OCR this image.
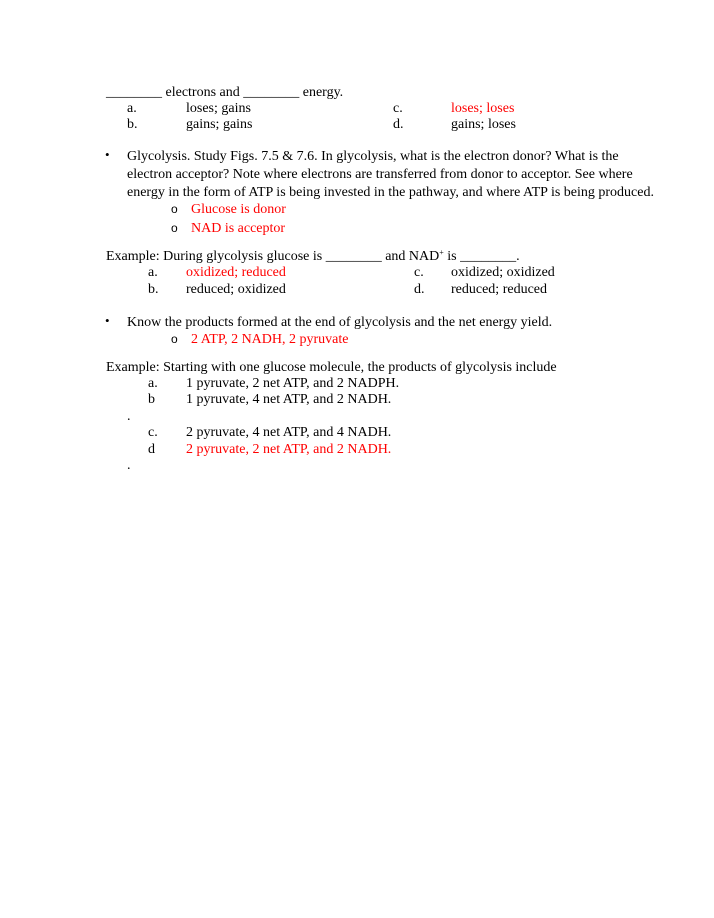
________ electrons and ________ energy.
a.	loses; gains
b.	gains; gains
c.	loses; loses
d.	gains; loses
• Glycolysis. Study Figs. 7.5 & 7.6. In glycolysis, what is the electron donor? What is the electron acceptor? Note where electrons are transferred from donor to acceptor. See where energy in the form of ATP is being invested in the pathway, and where ATP is being produced.
o Glucose is donor
o NAD is acceptor
Example: During glycolysis glucose is ________ and NAD+ is ________.
a. oxidized; reduced
b. reduced; oxidized
c. oxidized; oxidized
d. reduced; reduced
• Know the products formed at the end of glycolysis and the net energy yield.
o 2 ATP, 2 NADH, 2 pyruvate
Example: Starting with one glucose molecule, the products of glycolysis include
a. 1 pyruvate, 2 net ATP, and 2 NADPH.
b 1 pyruvate, 4 net ATP, and 2 NADH.
.
c. 2 pyruvate, 4 net ATP, and 4 NADH.
d 2 pyruvate, 2 net ATP, and 2 NADH.
.
